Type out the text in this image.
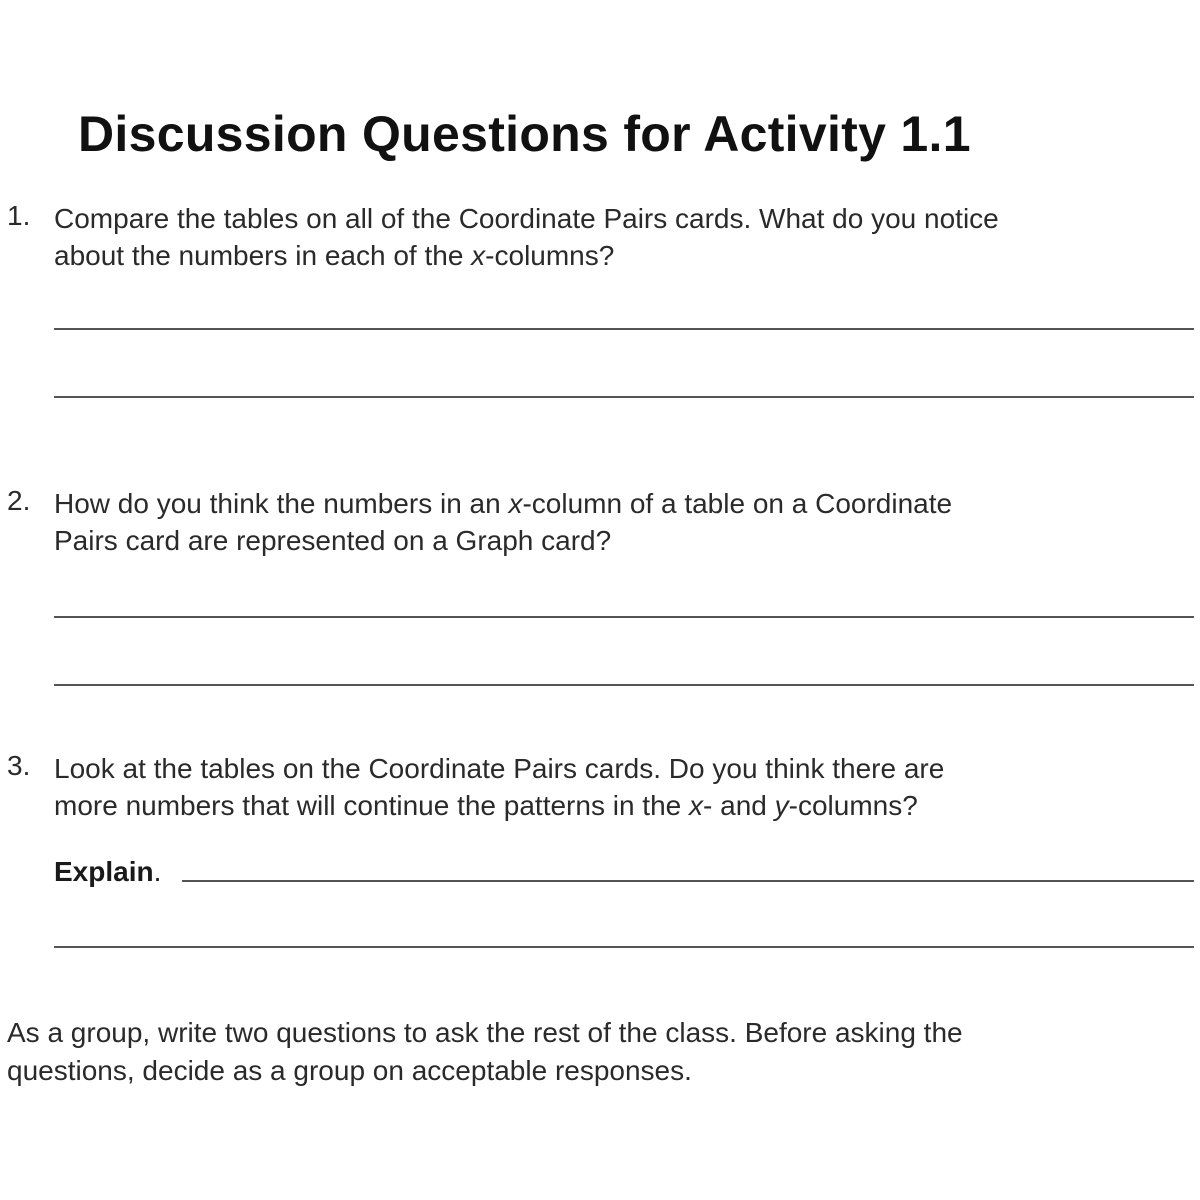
Discussion Questions for Activity 1.1
1. Compare the tables on all of the Coordinate Pairs cards. What do you notice
about the numbers in each of the x-columns?
2. How do you think the numbers in an x-column of a table on a Coordinate
Pairs card are represented on a Graph card?
3. Look at the tables on the Coordinate Pairs cards. Do you think there are
more numbers that will continue the patterns in the x- and y-columns?
Explain.
As a group, write two questions to ask the rest of the class. Before asking the
questions, decide as a group on acceptable responses.
